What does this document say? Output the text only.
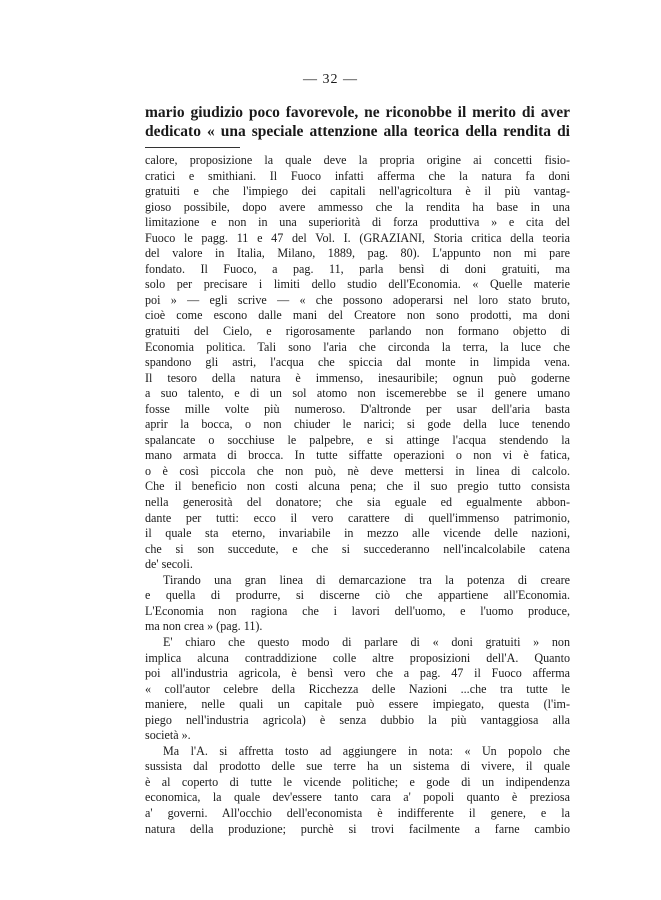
— 32 —
mario giudizio poco favorevole, ne riconobbe il merito di aver
dedicato « una speciale attenzione alla teorica della rendita di
calore, proposizione la quale deve la propria origine ai concetti fisio-
cratici e smithiani. Il Fuoco infatti afferma che la natura fa doni
gratuiti e che l'impiego dei capitali nell'agricoltura è il più vantag-
gioso possibile, dopo avere ammesso che la rendita ha base in una
limitazione e non in una superiorità di forza produttiva » e cita del
Fuoco le pagg. 11 e 47 del Vol. I. (GRAZIANI, Storia critica della teoria
del valore in Italia, Milano, 1889, pag. 80). L'appunto non mi pare
fondato. Il Fuoco, a pag. 11, parla bensì di doni gratuiti, ma
solo per precisare i limiti dello studio dell'Economia. « Quelle materie
poi » — egli scrive — « che possono adoperarsi nel loro stato bruto,
cioè come escono dalle mani del Creatore non sono prodotti, ma doni
gratuiti del Cielo, e rigorosamente parlando non formano objetto di
Economia politica. Tali sono l'aria che circonda la terra, la luce che
spandono gli astri, l'acqua che spiccia dal monte in limpida vena.
Il tesoro della natura è immenso, inesauribile; ognun può goderne
a suo talento, e di un sol atomo non iscemerebbe se il genere umano
fosse mille volte più numeroso. D'altronde per usar dell'aria basta
aprir la bocca, o non chiuder le narici; si gode della luce tenendo
spalancate o socchiuse le palpebre, e si attinge l'acqua stendendo la
mano armata di brocca. In tutte siffatte operazioni o non vi è fatica,
o è così piccola che non può, nè deve mettersi in linea di calcolo.
Che il beneficio non costi alcuna pena; che il suo pregio tutto consista
nella generosità del donatore; che sia eguale ed egualmente abbon-
dante per tutti: ecco il vero carattere di quell'immenso patrimonio,
il quale sta eterno, invariabile in mezzo alle vicende delle nazioni,
che si son succedute, e che si succederanno nell'incalcolabile catena
de' secoli.
Tirando una gran linea di demarcazione tra la potenza di creare
e quella di produrre, si discerne ciò che appartiene all'Economia.
L'Economia non ragiona che i lavori dell'uomo, e l'uomo produce,
ma non crea » (pag. 11).
E' chiaro che questo modo di parlare di « doni gratuiti » non
implica alcuna contraddizione colle altre proposizioni dell'A. Quanto
poi all'industria agricola, è bensì vero che a pag. 47 il Fuoco afferma
« coll'autor celebre della Ricchezza delle Nazioni ...che tra tutte le
maniere, nelle quali un capitale può essere impiegato, questa (l'im-
piego nell'industria agricola) è senza dubbio la più vantaggiosa alla
società ».
Ma l'A. si affretta tosto ad aggiungere in nota: « Un popolo che
sussista dal prodotto delle sue terre ha un sistema di vivere, il quale
è al coperto di tutte le vicende politiche; e gode di un indipendenza
economica, la quale dev'essere tanto cara a' popoli quanto è preziosa
a' governi. All'occhio dell'economista è indifferente il genere, e la
natura della produzione; purchè si trovi facilmente a farne cambio
